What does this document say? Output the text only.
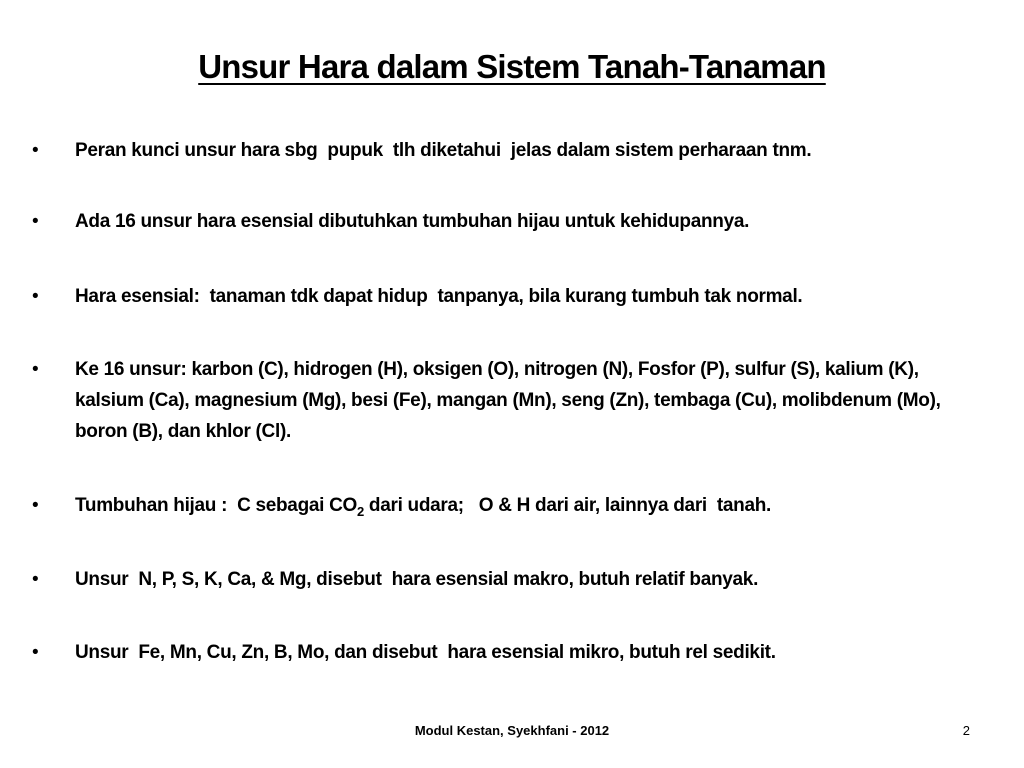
Unsur Hara dalam Sistem Tanah-Tanaman
•	Peran kunci unsur hara sbg  pupuk  tlh diketahui  jelas dalam sistem perharaan tnm.
•	Ada 16 unsur hara esensial dibutuhkan tumbuhan hijau untuk kehidupannya.
•	Hara esensial:  tanaman tdk dapat hidup  tanpanya, bila kurang tumbuh tak normal.
•	Ke 16 unsur: karbon (C), hidrogen (H), oksigen (O), nitrogen (N), Fosfor (P), sulfur (S), kalium (K), kalsium (Ca), magnesium (Mg), besi (Fe), mangan (Mn), seng (Zn), tembaga (Cu), molibdenum (Mo), boron (B), dan khlor (Cl).
•	Tumbuhan hijau :  C sebagai $CO_2$ dari udara;   O & H dari air, lainnya dari  tanah.
•	Unsur  N, P, S, K, Ca, & Mg, disebut  hara esensial makro, butuh relatif banyak.
•	Unsur  Fe, Mn, Cu, Zn, B, Mo, dan disebut  hara esensial mikro, butuh rel sedikit.
Modul Kestan, Syekhfani - 2012	2
